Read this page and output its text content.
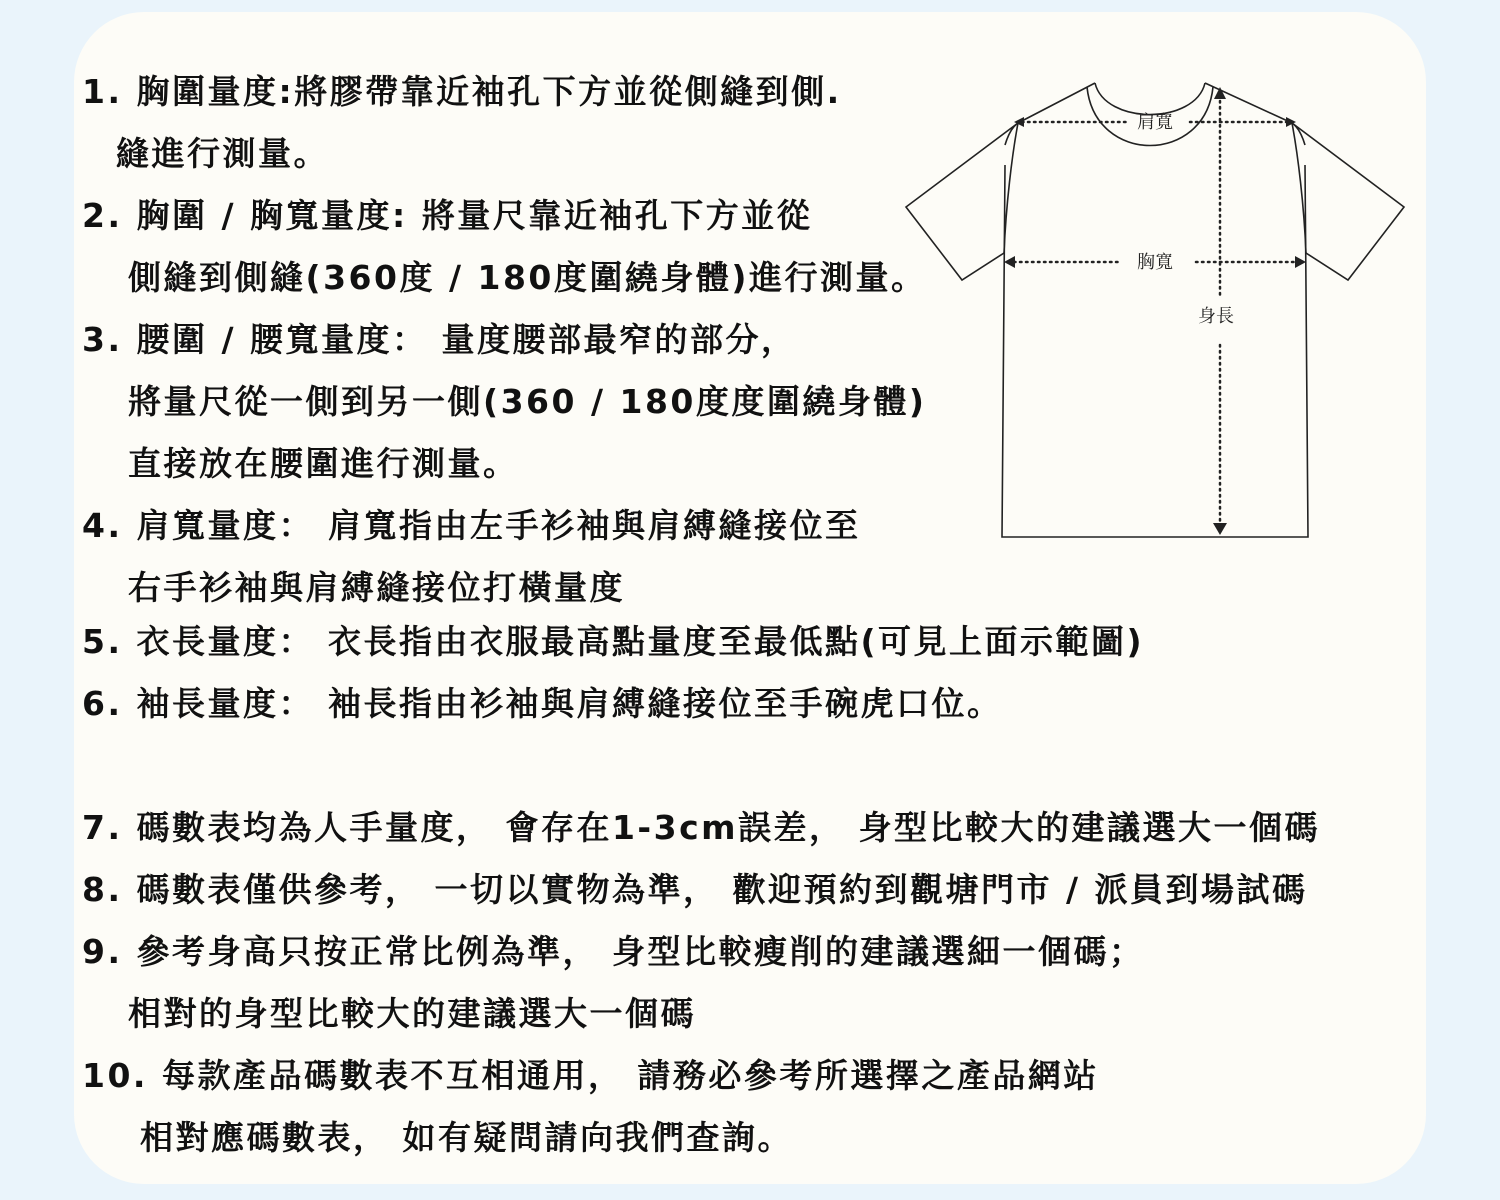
1. 胸圍量度:將膠帶靠近袖孔下方並從側縫到側.
縫進行測量。
2. 胸圍 / 胸寬量度: 將量尺靠近袖孔下方並從
側縫到側縫(360度 / 180度圍繞身體)進行測量。
3. 腰圍 / 腰寬量度： 量度腰部最窄的部分，
將量尺從一側到另一側(360 / 180度度圍繞身體)
直接放在腰圍進行測量。
4. 肩寬量度： 肩寬指由左手衫袖與肩縛縫接位至
右手衫袖與肩縛縫接位打橫量度
5. 衣長量度： 衣長指由衣服最高點量度至最低點(可見上面示範圖)
6. 袖長量度： 袖長指由衫袖與肩縛縫接位至手碗虎口位。
7. 碼數表均為人手量度， 會存在1-3cm誤差， 身型比較大的建議選大一個碼
8. 碼數表僅供參考， 一切以實物為準， 歡迎預約到觀塘門市 / 派員到場試碼
9. 參考身高只按正常比例為準， 身型比較瘦削的建議選細一個碼；
相對的身型比較大的建議選大一個碼
10. 每款產品碼數表不互相通用， 請務必參考所選擇之產品網站
相對應碼數表， 如有疑問請向我們查詢。
肩寬
胸寬
身長
